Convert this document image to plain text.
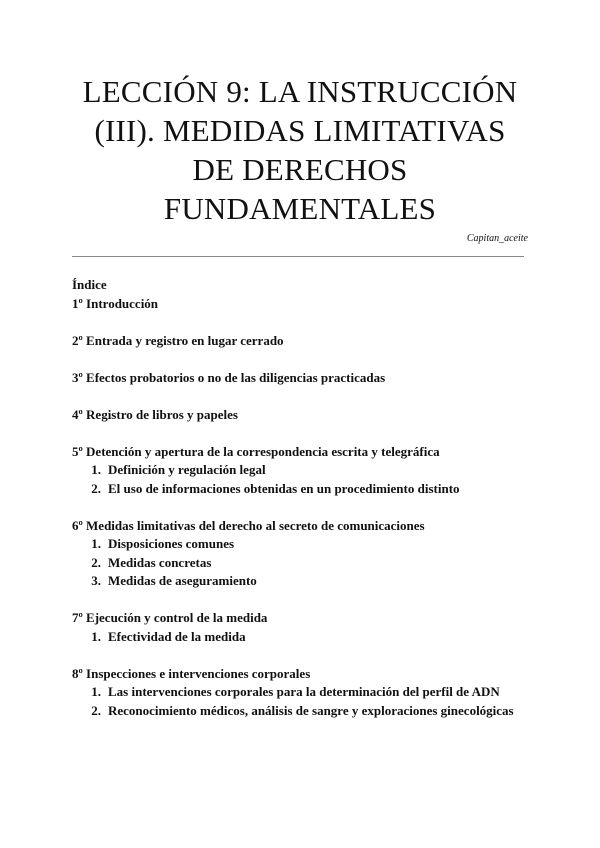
LECCIÓN 9: LA INSTRUCCIÓN
(III). MEDIDAS LIMITATIVAS
DE DERECHOS
FUNDAMENTALES
Capitan_aceite
Índice
1º Introducción
2º Entrada y registro en lugar cerrado
3º Efectos probatorios o no de las diligencias practicadas
4º Registro de libros y papeles
5º Detención y apertura de la correspondencia escrita y telegráfica
1. Definición y regulación legal
2. El uso de informaciones obtenidas en un procedimiento distinto
6º Medidas limitativas del derecho al secreto de comunicaciones
1. Disposiciones comunes
2. Medidas concretas
3. Medidas de aseguramiento
7º Ejecución y control de la medida
1. Efectividad de la medida
8º Inspecciones e intervenciones corporales
1. Las intervenciones corporales para la determinación del perfil de ADN
2. Reconocimiento médicos, análisis de sangre y exploraciones ginecológicas
